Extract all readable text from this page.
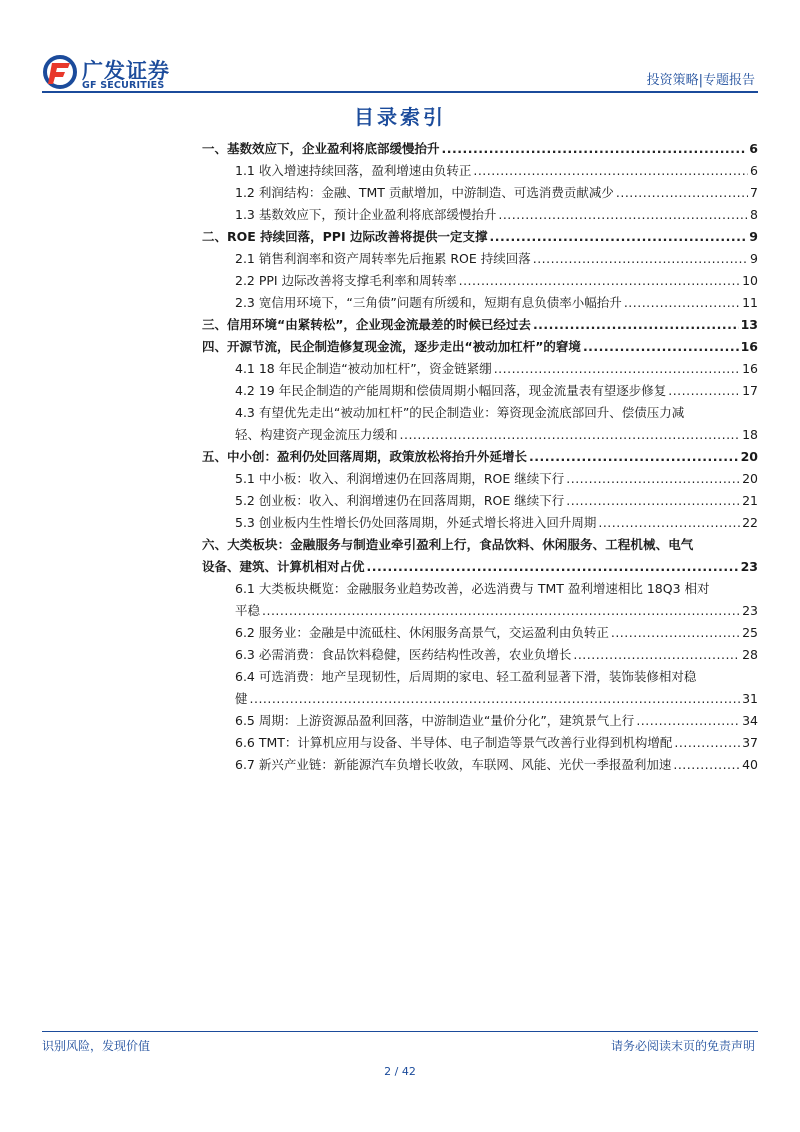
广发证券
GF SECURITIES	投资策略|专题报告
目录索引
一、基数效应下，企业盈利将底部缓慢抬升 .....	6
1.1 收入增速持续回落，盈利增速由负转正 .....	6
1.2 利润结构：金融、TMT 贡献增加，中游制造、可选消费贡献减少 .....	7
1.3 基数效应下，预计企业盈利将底部缓慢抬升 .....	8
二、ROE 持续回落，PPI 边际改善将提供一定支撑 .....	9
2.1 销售利润率和资产周转率先后拖累 ROE 持续回落 .....	9
2.2 PPI 边际改善将支撑毛利率和周转率 .....	10
2.3 宽信用环境下，“三角债”问题有所缓和，短期有息负债率小幅抬升 .....	11
三、信用环境“由紧转松”，企业现金流最差的时候已经过去 .....	13
四、开源节流，民企制造修复现金流，逐步走出“被动加杠杆”的窘境 .....	16
4.1 18 年民企制造“被动加杠杆”，资金链紧绷 .....	16
4.2 19 年民企制造的产能周期和偿债周期小幅回落，现金流量表有望逐步修复 .....	17
4.3 有望优先走出“被动加杠杆”的民企制造业：筹资现金流底部回升、偿债压力减
轻、构建资产现金流压力缓和 .....	18
五、中小创：盈利仍处回落周期，政策放松将抬升外延增长 .....	20
5.1 中小板：收入、利润增速仍在回落周期，ROE 继续下行 .....	20
5.2 创业板：收入、利润增速仍在回落周期，ROE 继续下行 .....	21
5.3 创业板内生性增长仍处回落周期，外延式增长将进入回升周期 .....	22
六、大类板块：金融服务与制造业牵引盈利上行，食品饮料、休闲服务、工程机械、电气
设备、建筑、计算机相对占优 .....	23
6.1 大类板块概览：金融服务业趋势改善，必选消费与 TMT 盈利增速相比 18Q3 相对
平稳 .....	23
6.2 服务业：金融是中流砥柱、休闲服务高景气，交运盈利由负转正 .....	25
6.3 必需消费：食品饮料稳健，医药结构性改善，农业负增长 .....	28
6.4 可选消费：地产呈现韧性，后周期的家电、轻工盈利显著下滑，装饰装修相对稳
健 .....	31
6.5 周期：上游资源品盈利回落，中游制造业“量价分化”，建筑景气上行 .....	34
6.6 TMT：计算机应用与设备、半导体、电子制造等景气改善行业得到机构增配 .....	37
6.7 新兴产业链：新能源汽车负增长收敛，车联网、风能、光伏一季报盈利加速 .....	40
识别风险，发现价值	请务必阅读末页的免责声明
2 / 42
